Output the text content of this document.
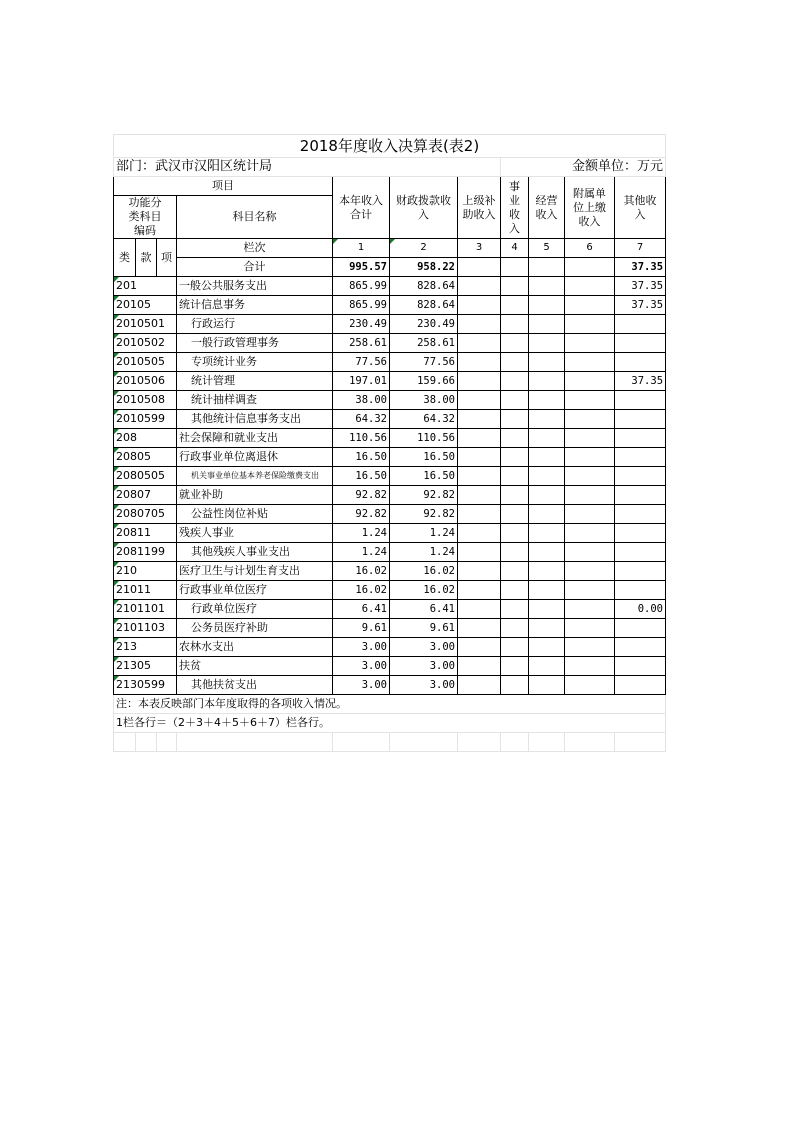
2018年度收入决算表(表2)										
部门：武汉市汉阳区统计局							金额单位：万元			
项目				本年收入合计	财政拨款收入	上级补助收入	事业收入	经营收入	附属单位上缴收入	其他收入
功能分类科目编码			科目名称							

类	款	项	栏次	1	2	3	4	5	6	7
			合计	995.57	958.22					37.35
201			一般公共服务支出	865.99	828.64					37.35
20105			统计信息事务	865.99	828.64					37.35
2010501			行政运行	230.49	230.49					
2010502			一般行政管理事务	258.61	258.61					
2010505			专项统计业务	77.56	77.56					
2010506			统计管理	197.01	159.66					37.35
2010508			统计抽样调查	38.00	38.00					
2010599			其他统计信息事务支出	64.32	64.32					
208			社会保障和就业支出	110.56	110.56					
20805			行政事业单位离退休	16.50	16.50					
2080505			机关事业单位基本养老保险缴费支出	16.50	16.50					
20807			就业补助	92.82	92.82					
2080705			公益性岗位补贴	92.82	92.82					
20811			残疾人事业	1.24	1.24					
2081199			其他残疾人事业支出	1.24	1.24					
210			医疗卫生与计划生育支出	16.02	16.02					
21011			行政事业单位医疗	16.02	16.02					
2101101			行政单位医疗	6.41	6.41					0.00
2101103			公务员医疗补助	9.61	9.61					
213			农林水支出	3.00	3.00					
21305			扶贫	3.00	3.00					
2130599			其他扶贫支出	3.00	3.00					
注：本表反映部门本年度取得的各项收入情况。										
1栏各行＝（2＋3＋4＋5＋6＋7）栏各行。										
